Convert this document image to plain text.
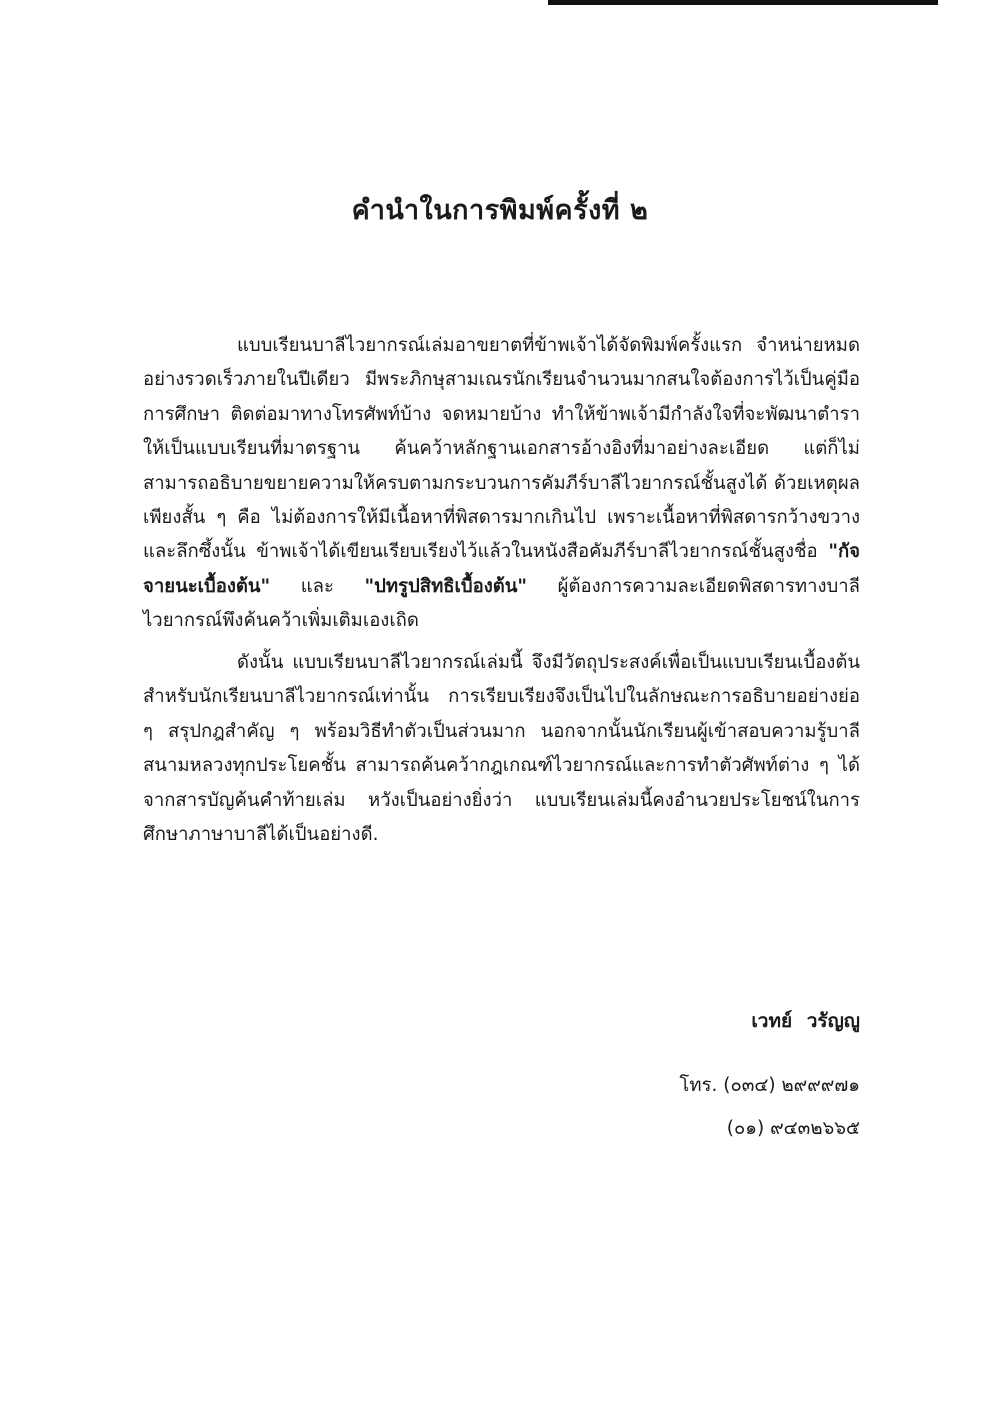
คำนำในการพิมพ์ครั้งที่ ๒

แบบเรียนบาลีไวยากรณ์เล่มอาขยาตที่ข้าพเจ้าได้จัดพิมพ์ครั้งแรก จำหน่ายหมดอย่างรวดเร็วภายในปีเดียว มีพระภิกษุสามเณรนักเรียนจำนวนมากสนใจต้องการไว้เป็นคู่มือการศึกษา ติดต่อมาทางโทรศัพท์บ้าง จดหมายบ้าง ทำให้ข้าพเจ้ามีกำลังใจที่จะพัฒนาตำราให้เป็นแบบเรียนที่มาตรฐาน ค้นคว้าหลักฐานเอกสารอ้างอิงที่มาอย่างละเอียด แต่ก็ไม่สามารถอธิบายขยายความให้ครบตามกระบวนการคัมภีร์บาลีไวยากรณ์ชั้นสูงได้ ด้วยเหตุผลเพียงสั้น ๆ คือ ไม่ต้องการให้มีเนื้อหาที่พิสดารมากเกินไป เพราะเนื้อหาที่พิสดารกว้างขวางและลึกซึ้งนั้น ข้าพเจ้าได้เขียนเรียบเรียงไว้แล้วในหนังสือคัมภีร์บาลีไวยากรณ์ชั้นสูงชื่อ "กัจจายนะเบื้องต้น" และ "ปทรูปสิทธิเบื้องต้น" ผู้ต้องการความละเอียดพิสดารทางบาลีไวยากรณ์พึงค้นคว้าเพิ่มเติมเองเถิด

ดังนั้น แบบเรียนบาลีไวยากรณ์เล่มนี้ จึงมีวัตถุประสงค์เพื่อเป็นแบบเรียนเบื้องต้นสำหรับนักเรียนบาลีไวยากรณ์เท่านั้น การเรียบเรียงจึงเป็นไปในลักษณะการอธิบายอย่างย่อ ๆ สรุปกฎสำคัญ ๆ พร้อมวิธีทำตัวเป็นส่วนมาก นอกจากนั้นนักเรียนผู้เข้าสอบความรู้บาลีสนามหลวงทุกประโยคชั้น สามารถค้นคว้ากฎเกณฑ์ไวยากรณ์และการทำตัวศัพท์ต่าง ๆ ได้จากสารบัญค้นคำท้ายเล่ม หวังเป็นอย่างยิ่งว่า แบบเรียนเล่มนี้คงอำนวยประโยชน์ในการศึกษาภาษาบาลีได้เป็นอย่างดี.

เวทย์ วรัญญู
โทร. (๐๓๔) ๒๙๙๙๗๑
(๐๑) ๙๔๓๒๖๖๕
